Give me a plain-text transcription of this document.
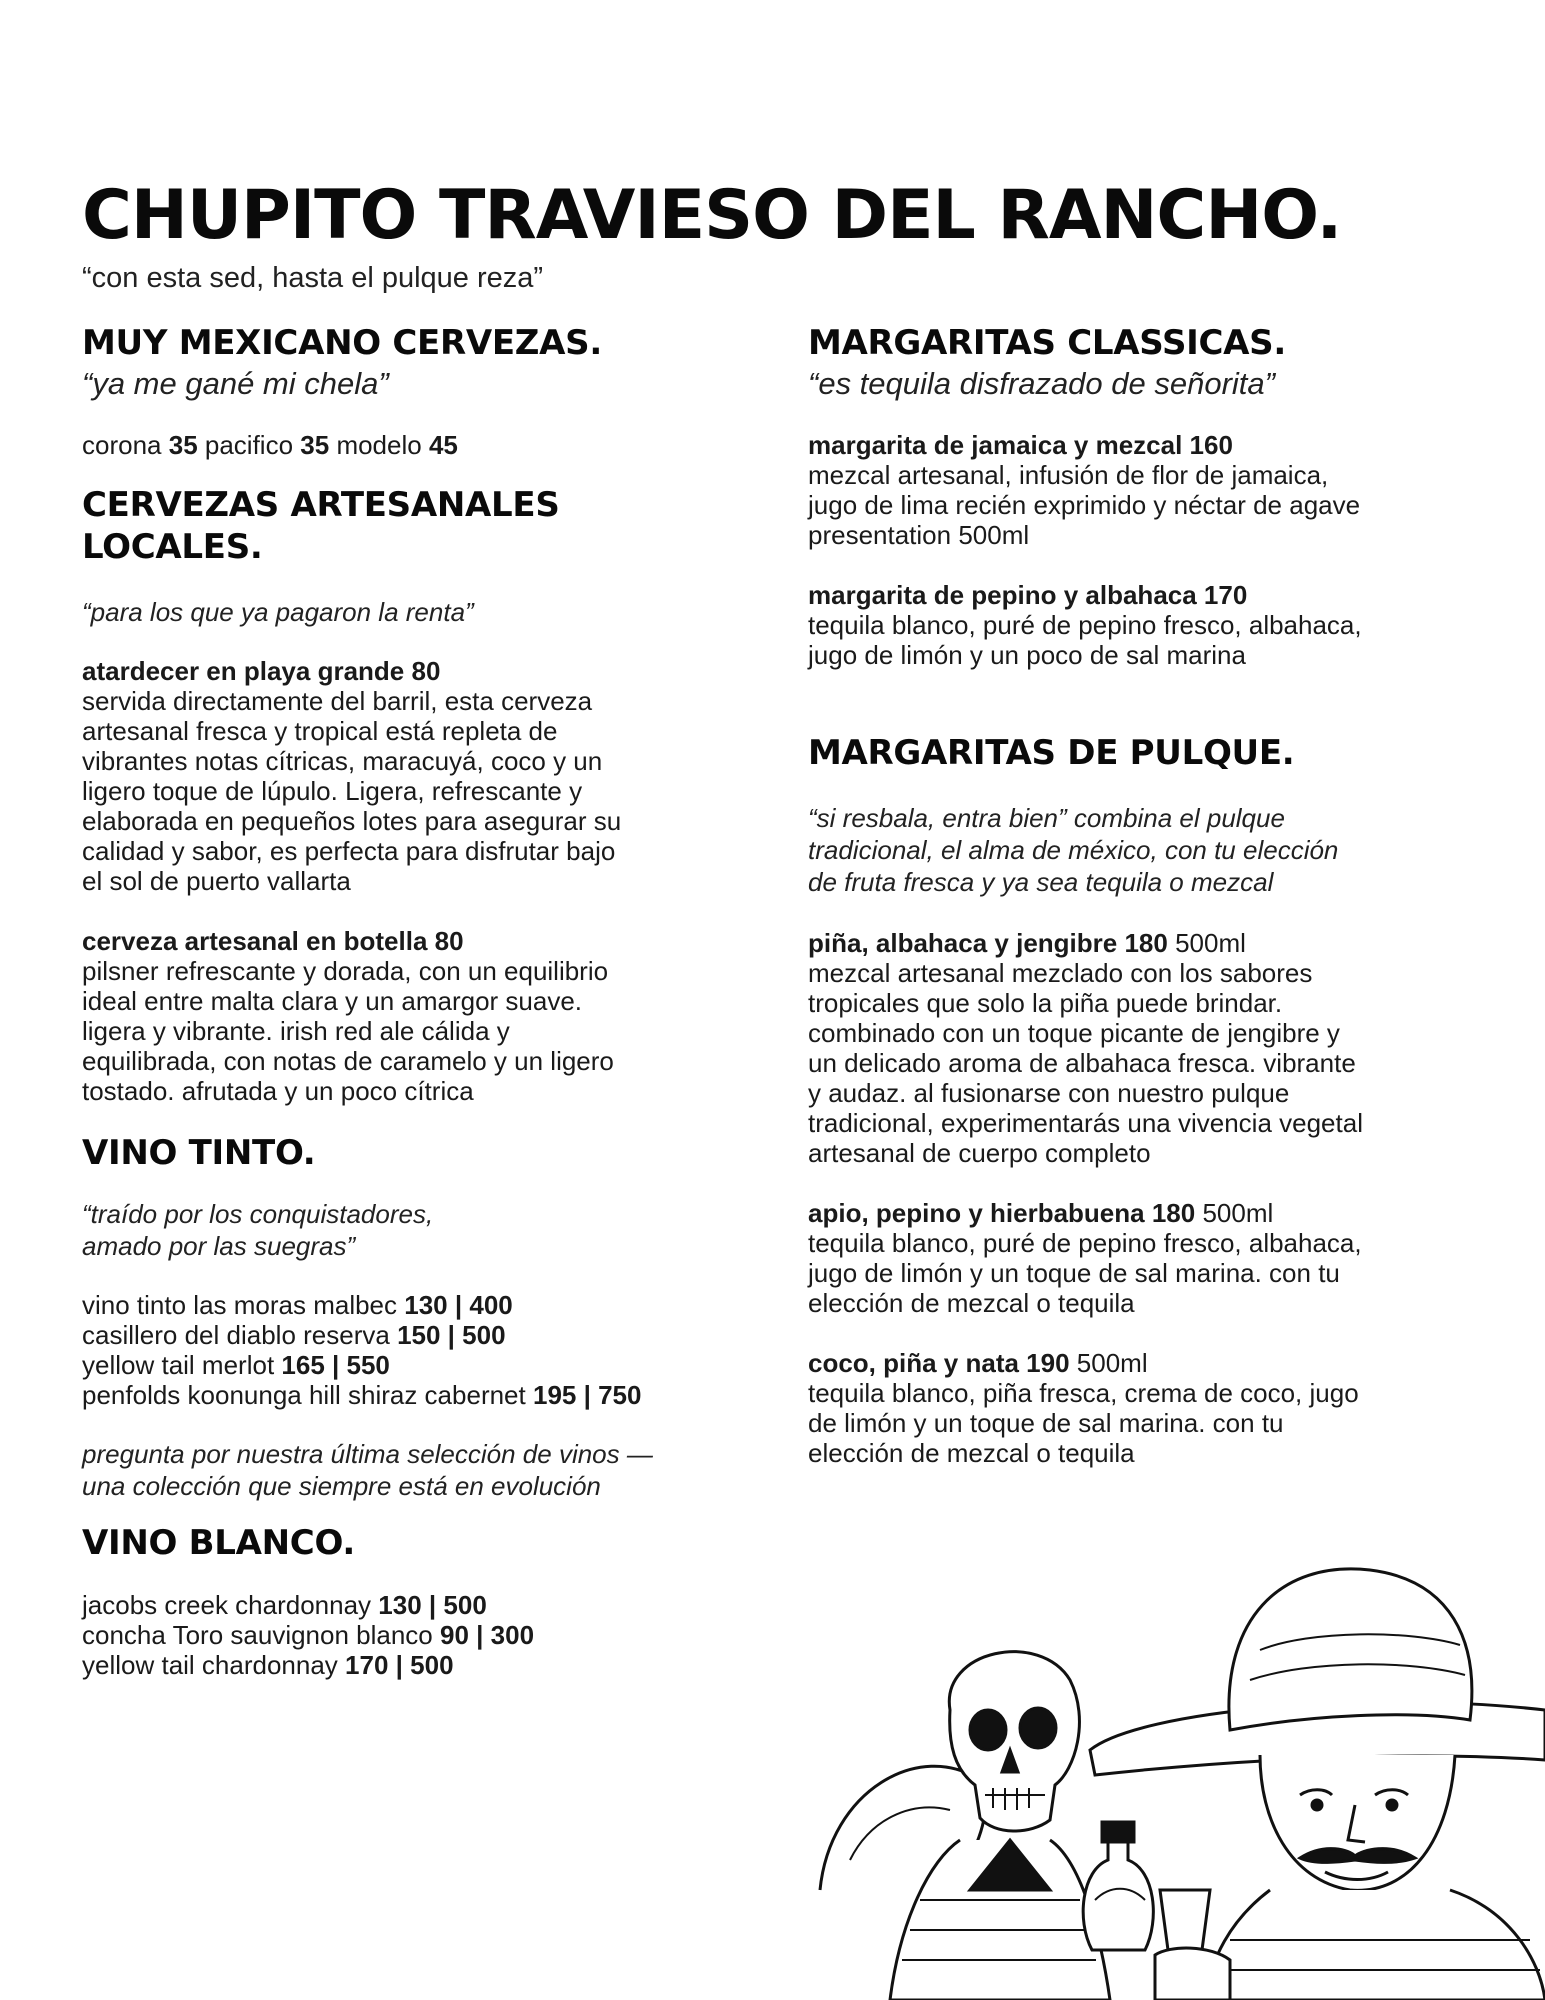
CHUPITO TRAVIESO DEL RANCHO.

“con esta sed, hasta el pulque reza”

MUY MEXICANO CERVEZAS.

“ya me gané mi chela”

corona 35 pacifico 35 modelo 45

CERVEZAS ARTESANALES
LOCALES.

“para los que ya pagaron la renta”

atardecer en playa grande 80
servida directamente del barril, esta cerveza
artesanal fresca y tropical está repleta de
vibrantes notas cítricas, maracuyá, coco y un
ligero toque de lúpulo. Ligera, refrescante y
elaborada en pequeños lotes para asegurar su
calidad y sabor, es perfecta para disfrutar bajo
el sol de puerto vallarta
cerveza artesanal en botella 80
pilsner refrescante y dorada, con un equilibrio
ideal entre malta clara y un amargor suave.
ligera y vibrante. irish red ale cálida y
equilibrada, con notas de caramelo y un ligero
tostado. afrutada y un poco cítrica
VINO TINTO.

“traído por los conquistadores,
amado por las suegras”

vino tinto las moras malbec 130 | 400
casillero del diablo reserva 150 | 500
yellow tail merlot 165 | 550
penfolds koonunga hill shiraz cabernet 195 | 750

pregunta por nuestra última selección de vinos —
una colección que siempre está en evolución

VINO BLANCO.
jacobs creek chardonnay 130 | 500
concha Toro sauvignon blanco 90 | 300
yellow tail chardonnay 170 | 500
MARGARITAS CLASSICAS.

“es tequila disfrazado de señorita”

margarita de jamaica y mezcal 160
mezcal artesanal, infusión de flor de jamaica,
jugo de lima recién exprimido y néctar de agave
presentation 500ml
margarita de pepino y albahaca 170
tequila blanco, puré de pepino fresco, albahaca,
jugo de limón y un poco de sal marina
MARGARITAS DE PULQUE.

“si resbala, entra bien” combina el pulque
tradicional, el alma de méxico, con tu elección
de fruta fresca y ya sea tequila o mezcal

piña, albahaca y jengibre 180 500ml
mezcal artesanal mezclado con los sabores
tropicales que solo la piña puede brindar.
combinado con un toque picante de jengibre y
un delicado aroma de albahaca fresca. vibrante
y audaz. al fusionarse con nuestro pulque
tradicional, experimentarás una vivencia vegetal
artesanal de cuerpo completo
apio, pepino y hierbabuena 180 500ml
tequila blanco, puré de pepino fresco, albahaca,
jugo de limón y un toque de sal marina. con tu
elección de mezcal o tequila
coco, piña y nata 190 500ml
tequila blanco, piña fresca, crema de coco, jugo
de limón y un toque de sal marina. con tu
elección de mezcal o tequila
